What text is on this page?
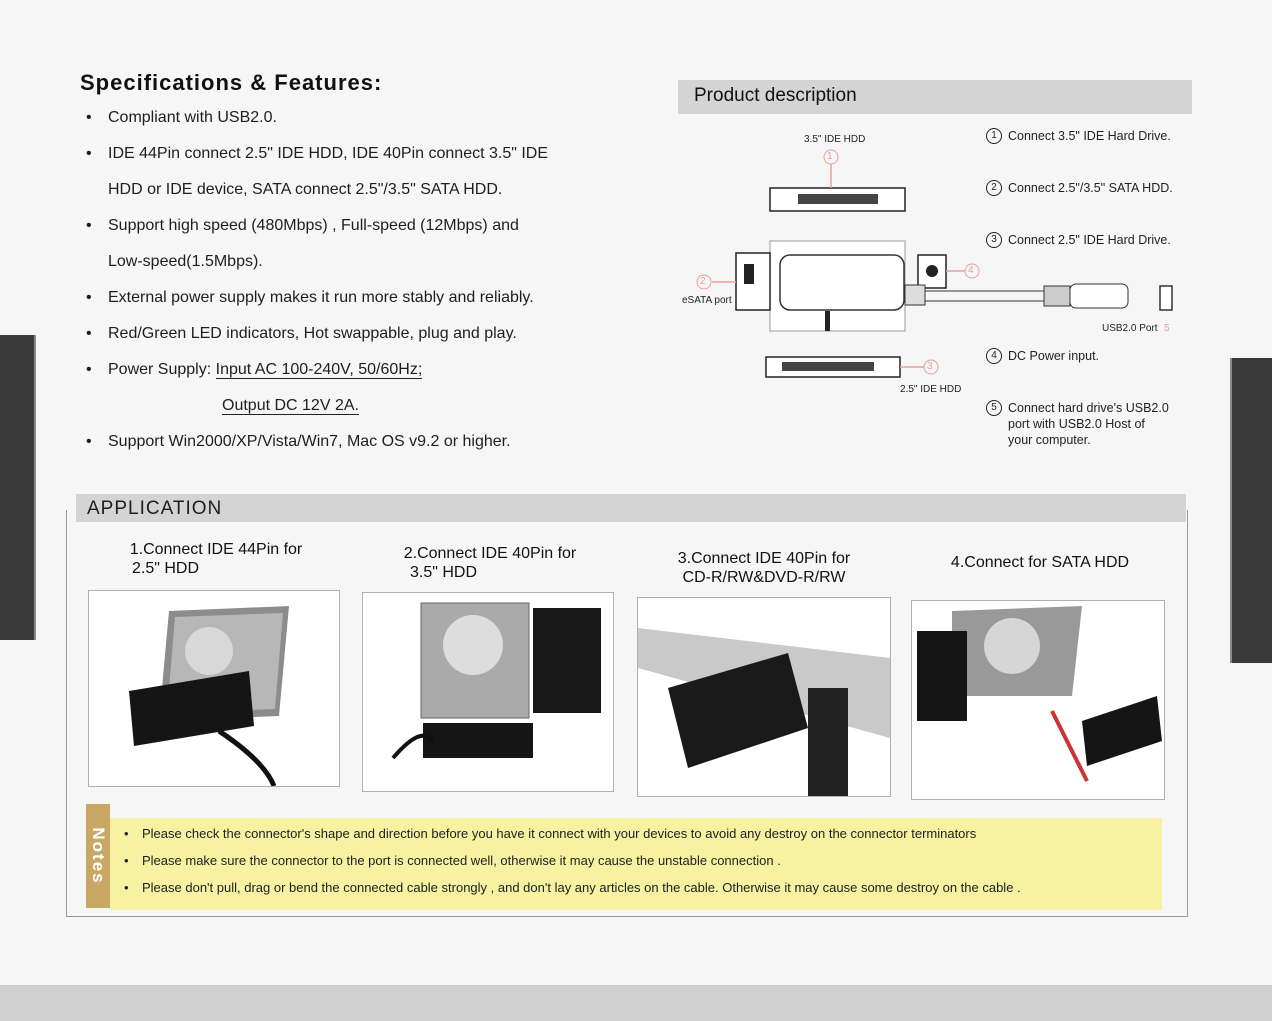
Specifications & Features:
• Compliant with USB2.0.
• IDE 44Pin connect 2.5" IDE HDD, IDE 40Pin connect 3.5" IDE
HDD or IDE device, SATA connect 2.5"/3.5" SATA HDD.
• Support high speed (480Mbps) , Full-speed (12Mbps) and
Low-speed(1.5Mbps).
• External power supply makes it run more stably and reliably.
• Red/Green LED indicators, Hot swappable, plug and play.
• Power Supply: Input AC 100-240V, 50/60Hz;
Output DC 12V 2A.
• Support Win2000/XP/Vista/Win7, Mac OS v9.2 or higher.
Product description
3.5" IDE HDD
1
2
eSATA port
4
3
2.5" IDE HDD
USB2.0 Port 5
1 Connect 3.5" IDE Hard Drive.
2 Connect 2.5"/3.5" SATA HDD.
3 Connect 2.5" IDE Hard Drive.
4 DC Power input.
5 Connect hard drive's USB2.0
port with USB2.0 Host of
your computer.
APPLICATION
1.Connect IDE 44Pin for
2.5" HDD
2.Connect IDE 40Pin for
3.5" HDD
3.Connect IDE 40Pin for
CD-R/RW&DVD-R/RW
4.Connect for SATA HDD
Notes
•	Please check the connector's shape and direction before you have it connect with your devices to avoid any destroy on the connector terminators
• Please make sure the connector to the port is connected well, otherwise it may cause the unstable connection .
• Please don't pull, drag or bend the connected cable strongly , and don't lay any articles on the cable. Otherwise it may cause some destroy on the cable .
